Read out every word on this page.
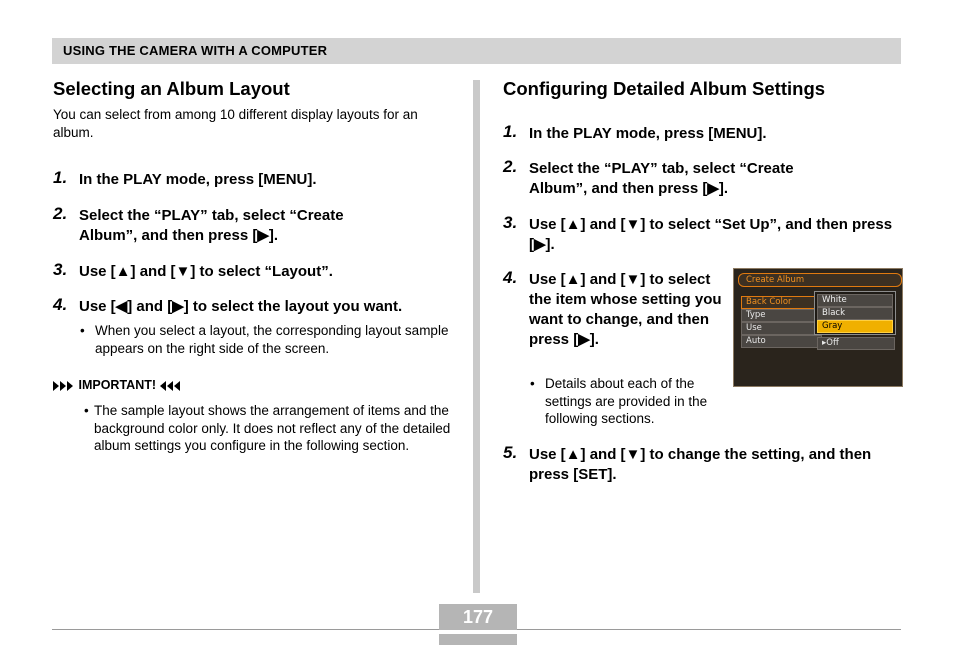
USING THE CAMERA WITH A COMPUTER
Selecting an Album Layout
You can select from among 10 different display layouts for an album.
1. In the PLAY mode, press [MENU].
2. Select the “PLAY” tab, select “Create Album”, and then press [▶].
3. Use [▲] and [▼] to select “Layout”.
4. Use [◀] and [▶] to select the layout you want.
• When you select a layout, the corresponding layout sample appears on the right side of the screen.
IMPORTANT!
• The sample layout shows the arrangement of items and the background color only. It does not reflect any of the detailed album settings you configure in the following section.
Configuring Detailed Album Settings
1. In the PLAY mode, press [MENU].
2. Select the “PLAY” tab, select “Create Album”, and then press [▶].
3. Use [▲] and [▼] to select “Set Up”, and then press [▶].
4. Use [▲] and [▼] to select the item whose setting you want to change, and then press [▶].
• Details about each of the settings are provided in the following sections.
5. Use [▲] and [▼] to change the setting, and then press [SET].
Create Album
Back Color
Type
Use
Auto
White
Black
Gray
▸Off
177
